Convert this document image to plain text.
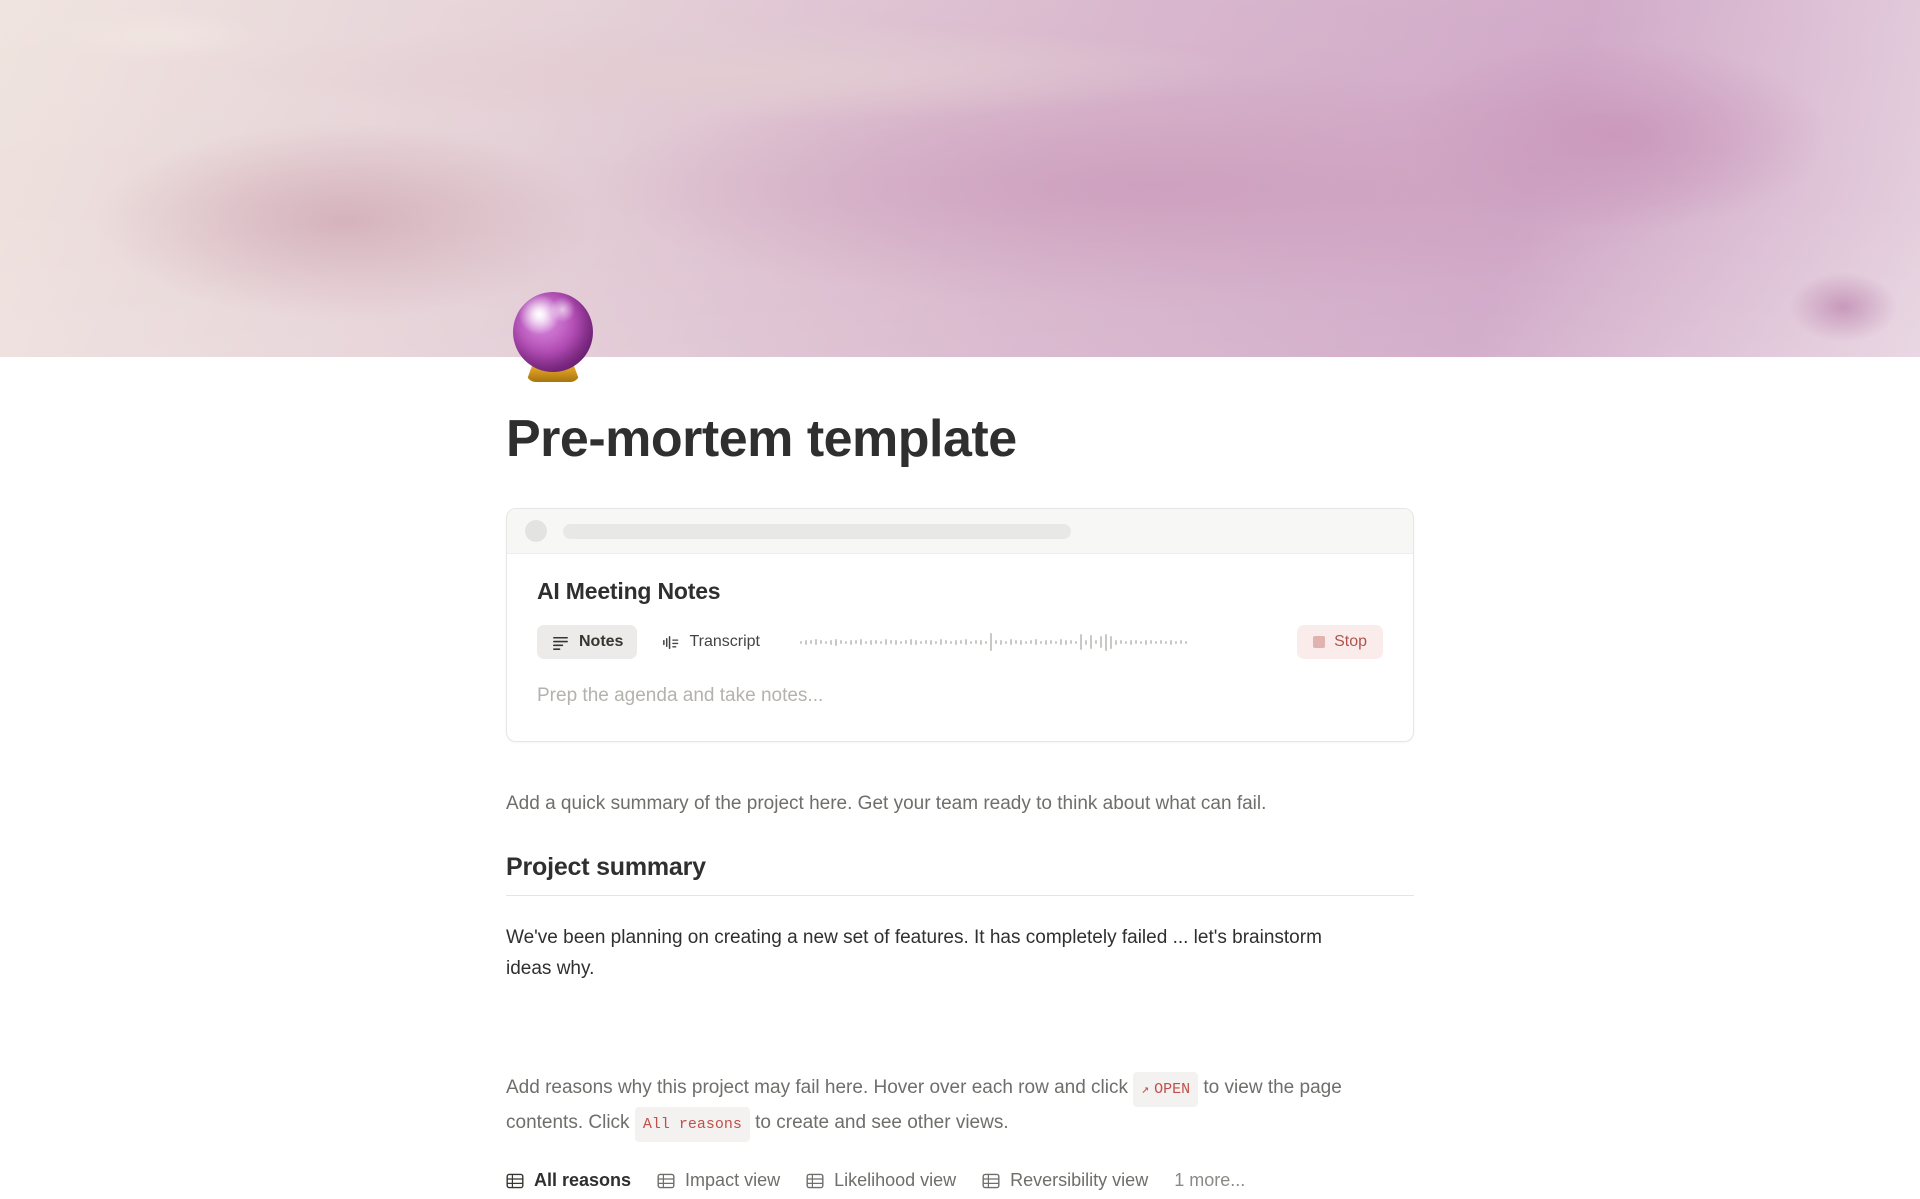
Pre-mortem template
AI Meeting Notes
Notes	Transcript	Stop
Prep the agenda and take notes...

Add a quick summary of the project here. Get your team ready to think about what can fail.

Project summary

We've been planning on creating a new set of features. It has completely failed ... let's brainstorm ideas why.

Add reasons why this project may fail here. Hover over each row and click ↗ OPEN to view the page contents. Click All reasons to create and see other views.

All reasons	Impact view	Likelihood view	Reversibility view 1 more...
